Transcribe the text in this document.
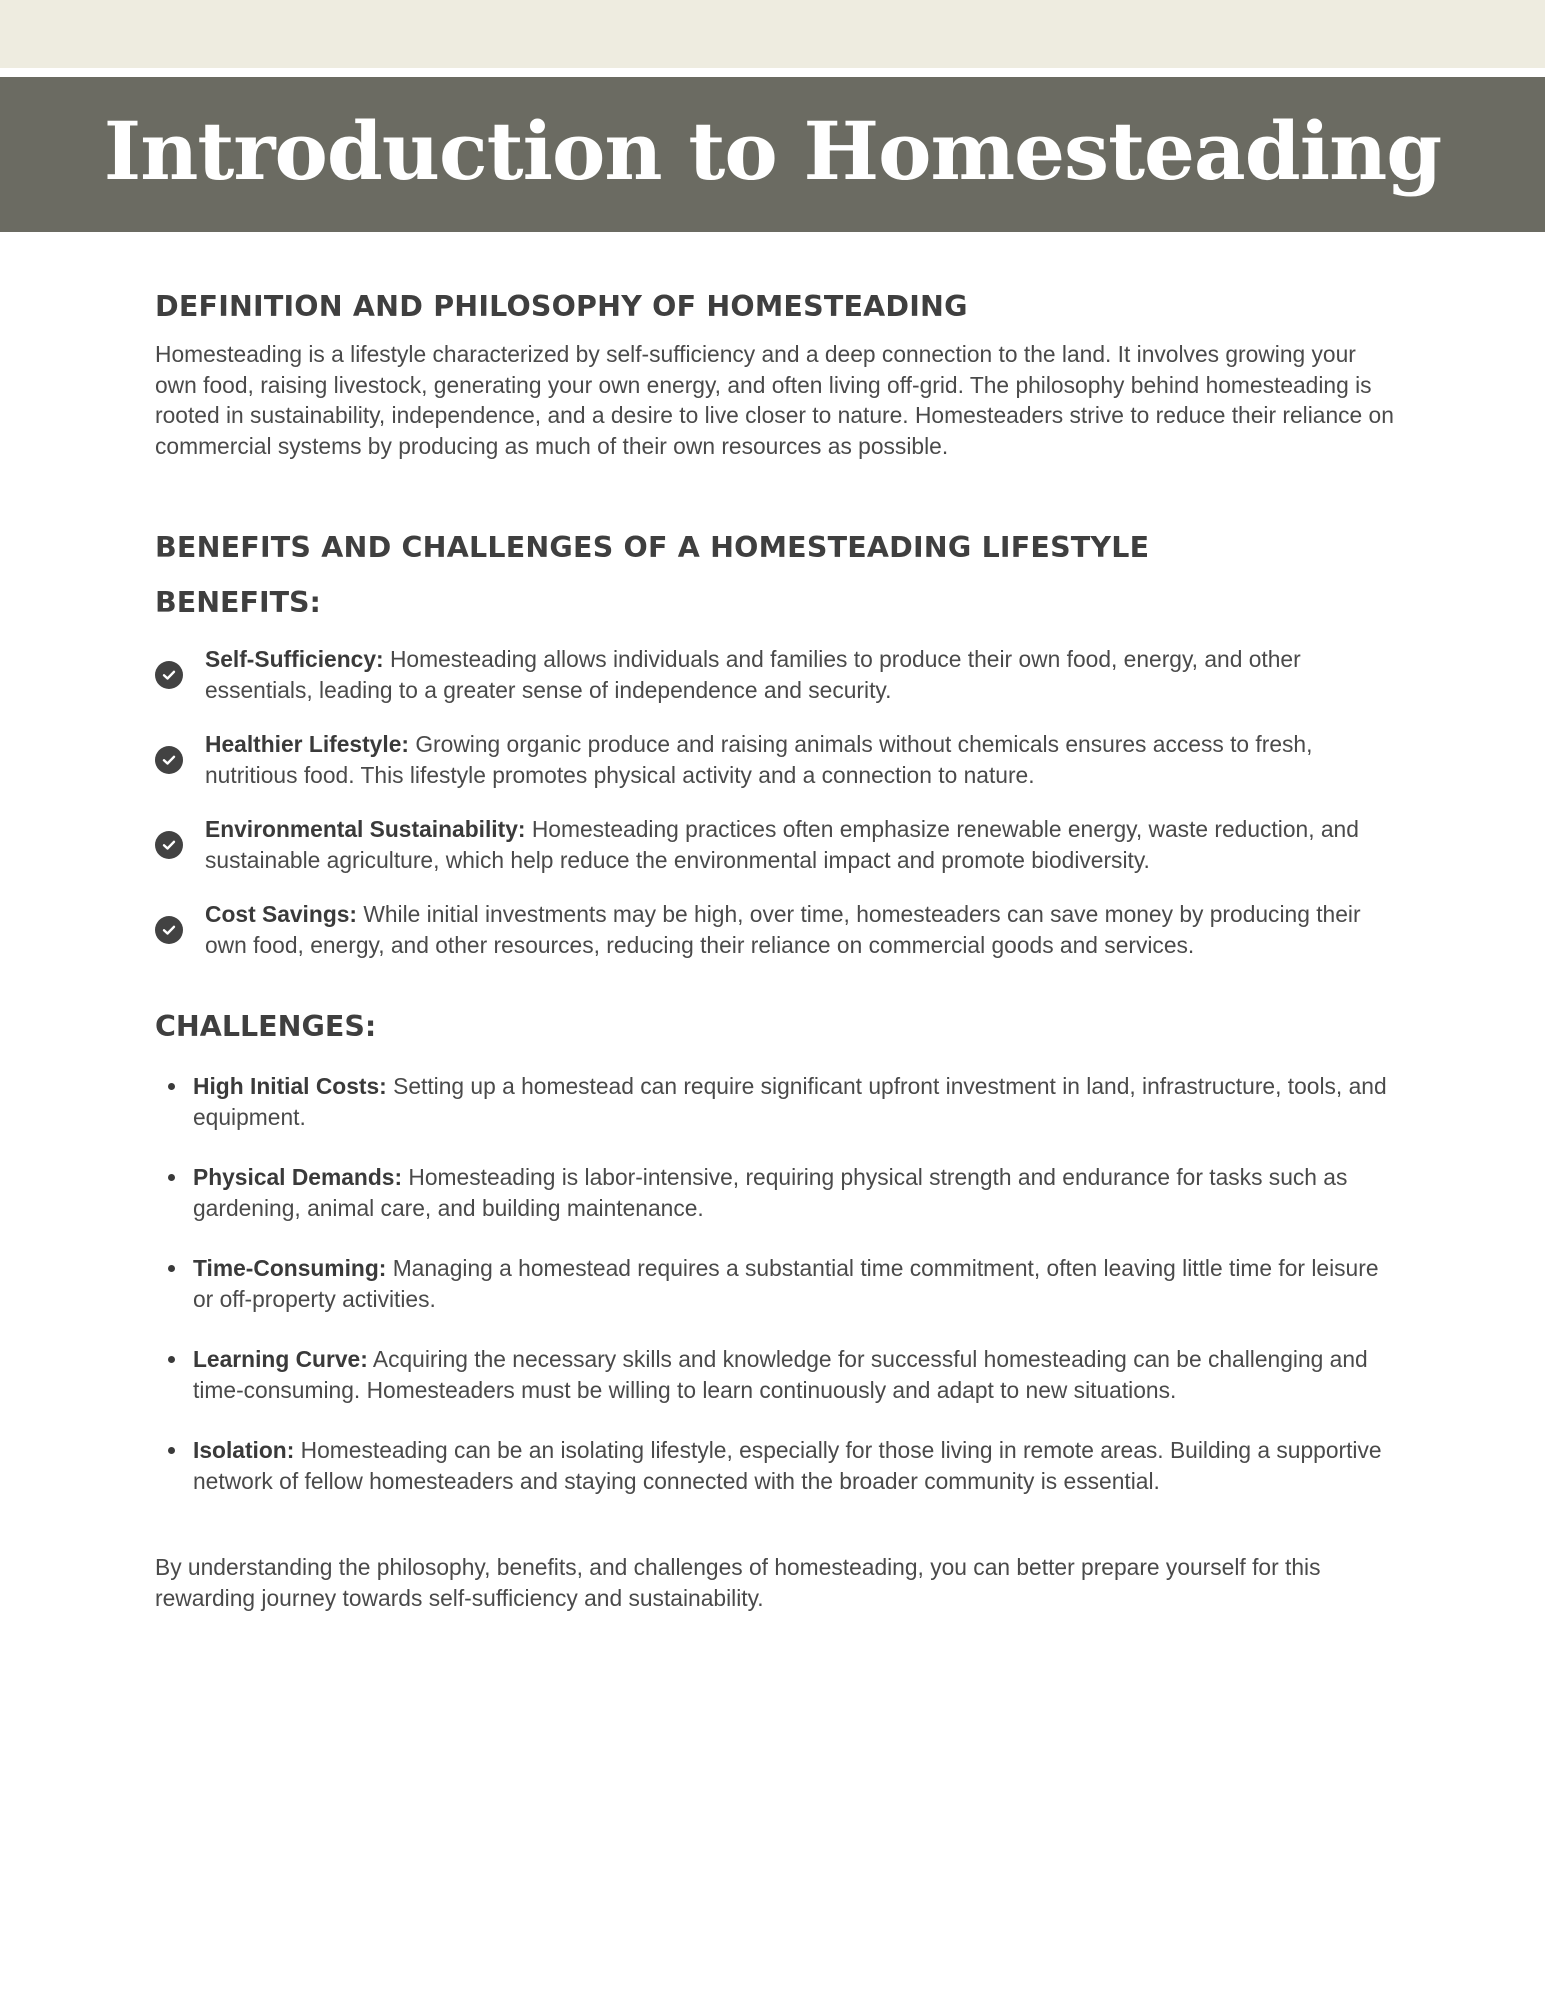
Introduction to Homesteading
DEFINITION AND PHILOSOPHY OF HOMESTEADING

Homesteading is a lifestyle characterized by self-sufficiency and a deep connection to the land. It involves growing your own food, raising livestock, generating your own energy, and often living off-grid. The philosophy behind homesteading is rooted in sustainability, independence, and a desire to live closer to nature. Homesteaders strive to reduce their reliance on commercial systems by producing as much of their own resources as possible.

BENEFITS AND CHALLENGES OF A HOMESTEADING LIFESTYLE
BENEFITS:
Self-Sufficiency: Homesteading allows individuals and families to produce their own food, energy, and other essentials, leading to a greater sense of independence and security.
Healthier Lifestyle: Growing organic produce and raising animals without chemicals ensures access to fresh, nutritious food. This lifestyle promotes physical activity and a connection to nature.
Environmental Sustainability: Homesteading practices often emphasize renewable energy, waste reduction, and sustainable agriculture, which help reduce the environmental impact and promote biodiversity.
Cost Savings: While initial investments may be high, over time, homesteaders can save money by producing their own food, energy, and other resources, reducing their reliance on commercial goods and services.
CHALLENGES:
High Initial Costs: Setting up a homestead can require significant upfront investment in land, infrastructure, tools, and equipment.
Physical Demands: Homesteading is labor-intensive, requiring physical strength and endurance for tasks such as gardening, animal care, and building maintenance.
Time-Consuming: Managing a homestead requires a substantial time commitment, often leaving little time for leisure or off-property activities.
Learning Curve: Acquiring the necessary skills and knowledge for successful homesteading can be challenging and time-consuming. Homesteaders must be willing to learn continuously and adapt to new situations.
Isolation: Homesteading can be an isolating lifestyle, especially for those living in remote areas. Building a supportive network of fellow homesteaders and staying connected with the broader community is essential.

By understanding the philosophy, benefits, and challenges of homesteading, you can better prepare yourself for this rewarding journey towards self-sufficiency and sustainability.
